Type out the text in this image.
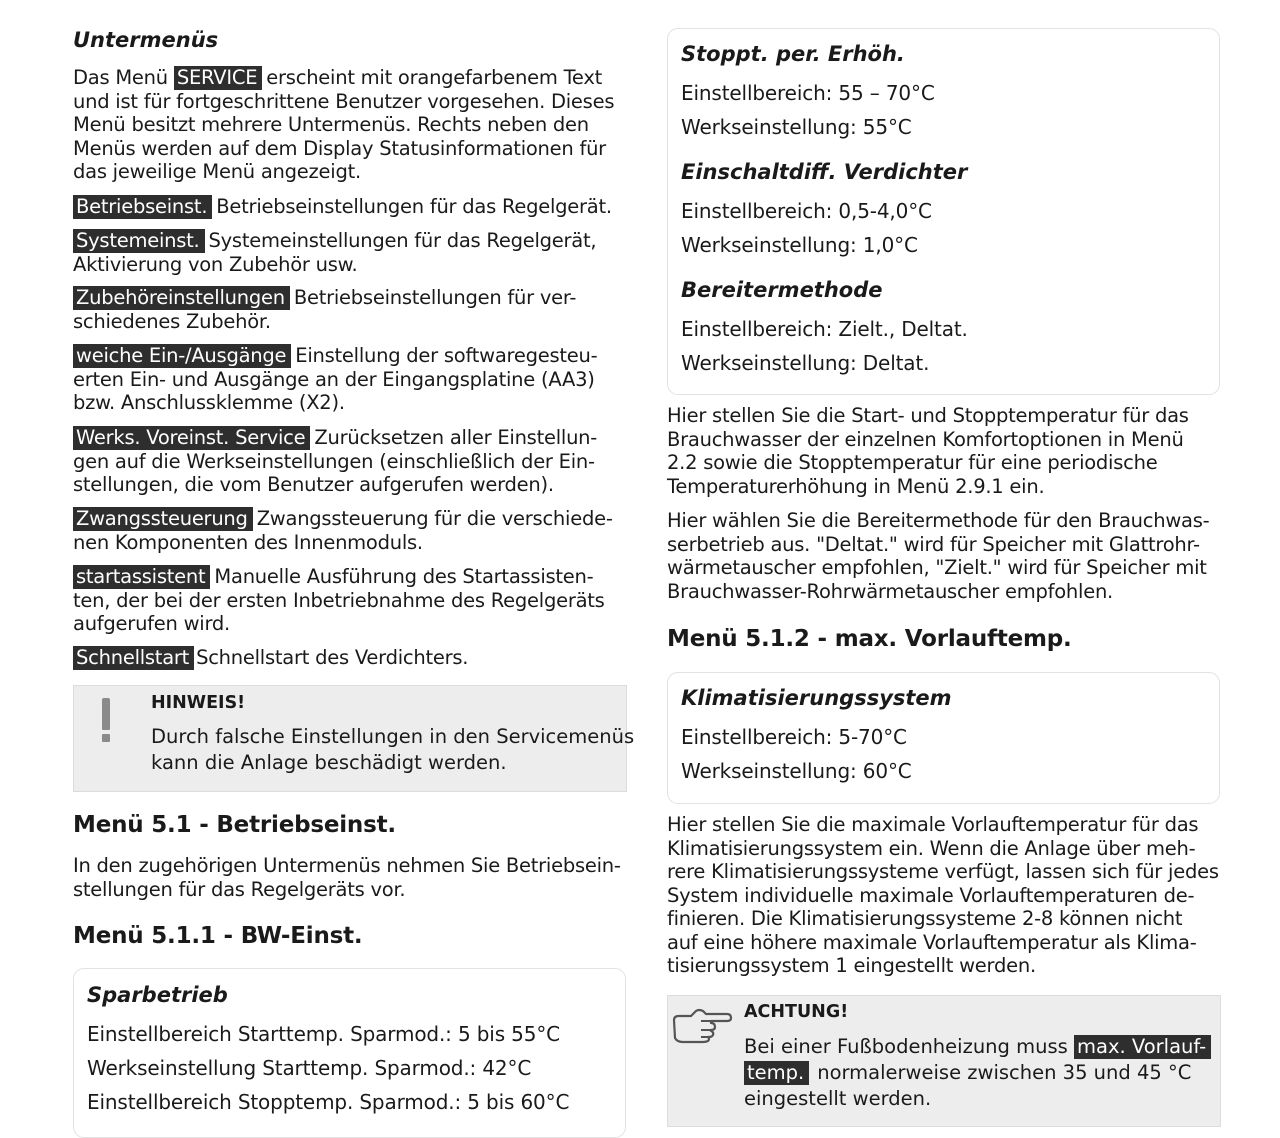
Untermenüs

Das Menü SERVICE erscheint mit orangefarbenem Text

und ist für fortgeschrittene Benutzer vorgesehen. Dieses

Menü besitzt mehrere Untermenüs. Rechts neben den

Menüs werden auf dem Display Statusinformationen für

das jeweilige Menü angezeigt.

Betriebseinst. Betriebseinstellungen für das Regelgerät.

Systemeinst. Systemeinstellungen für das Regelgerät,

Aktivierung von Zubehör usw.

Zubehöreinstellungen Betriebseinstellungen für ver-

schiedenes Zubehör.

weiche Ein-/Ausgänge Einstellung der softwaregesteu-

erten Ein- und Ausgänge an der Eingangsplatine (AA3)

bzw. Anschlussklemme (X2).

Werks. Voreinst. Service Zurücksetzen aller Einstellun-

gen auf die Werkseinstellungen (einschließlich der Ein-

stellungen, die vom Benutzer aufgerufen werden).

Zwangssteuerung Zwangssteuerung für die verschiede-

nen Komponenten des Innenmoduls.

startassistent Manuelle Ausführung des Startassisten-

ten, der bei der ersten Inbetriebnahme des Regelgeräts

aufgerufen wird.

Schnellstart Schnellstart des Verdichters.

HINWEIS!

Durch falsche Einstellungen in den Servicemenüs

kann die Anlage beschädigt werden.

Menü 5.1 - Betriebseinst.

In den zugehörigen Untermenüs nehmen Sie Betriebsein-

stellungen für das Regelgeräts vor.

Menü 5.1.1 - BW-Einst.
Sparbetrieb

Einstellbereich Starttemp. Sparmod.: 5 bis 55°C

Werkseinstellung Starttemp. Sparmod.: 42°C

Einstellbereich Stopptemp. Sparmod.: 5 bis 60°C

Stoppt. per. Erhöh.

Einstellbereich: 55 – 70°C

Werkseinstellung: 55°C

Einschaltdiff. Verdichter

Einstellbereich: 0,5-4,0°C

Werkseinstellung: 1,0°C

Bereitermethode

Einstellbereich: Zielt., Deltat.

Werkseinstellung: Deltat.

Hier stellen Sie die Start- und Stopptemperatur für das

Brauchwasser der einzelnen Komfortoptionen in Menü

2.2 sowie die Stopptemperatur für eine periodische

Temperaturerhöhung in Menü 2.9.1 ein.

Hier wählen Sie die Bereitermethode für den Brauchwas-

serbetrieb aus. "Deltat." wird für Speicher mit Glattrohr-

wärmetauscher empfohlen, "Zielt." wird für Speicher mit

Brauchwasser-Rohrwärmetauscher empfohlen.

Menü 5.1.2 - max. Vorlauftemp.
Klimatisierungssystem

Einstellbereich: 5-70°C

Werkseinstellung: 60°C

Hier stellen Sie die maximale Vorlauftemperatur für das

Klimatisierungssystem ein. Wenn die Anlage über meh-

rere Klimatisierungssysteme verfügt, lassen sich für jedes

System individuelle maximale Vorlauftemperaturen de-

finieren. Die Klimatisierungssysteme 2-8 können nicht

auf eine höhere maximale Vorlauftemperatur als Klima-

tisierungssystem 1 eingestellt werden.

ACHTUNG!

Bei einer Fußbodenheizung muss max. Vorlauf-

temp. normalerweise zwischen 35 und 45 °C

eingestellt werden.
